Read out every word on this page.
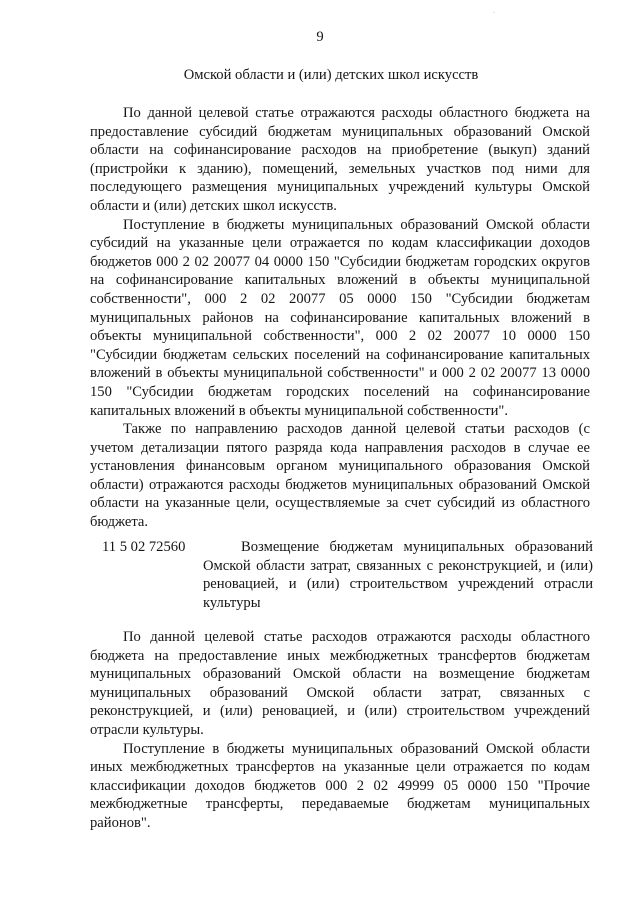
·
9
Омской области и (или) детских школ искусств

По данной целевой статье отражаются расходы областного бюджета на предоставление субсидий бюджетам муниципальных образований Омской области на софинансирование расходов на приобретение (выкуп) зданий (пристройки к зданию), помещений, земельных участков под ними для последующего размещения муниципальных учреждений культуры Омской области и (или) детских школ искусств.

Поступление в бюджеты муниципальных образований Омской области субсидий на указанные цели отражается по кодам классификации доходов бюджетов 000 2 02 20077 04 0000 150 "Субсидии бюджетам городских округов на софинансирование капитальных вложений в объекты муниципальной собственности", 000 2 02 20077 05 0000 150 "Субсидии бюджетам муниципальных районов на софинансирование капитальных вложений в объекты муниципальной собственности", 000 2 02 20077 10 0000 150 "Субсидии бюджетам сельских поселений на софинансирование капитальных вложений в объекты муниципальной собственности" и 000 2 02 20077 13 0000 150 "Субсидии бюджетам городских поселений на софинансирование капитальных вложений в объекты муниципальной собственности".

Также по направлению расходов данной целевой статьи расходов (с учетом детализации пятого разряда кода направления расходов в случае ее установления финансовым органом муниципального образования Омской области) отражаются расходы бюджетов муниципальных образований Омской области на указанные цели, осуществляемые за счет субсидий из областного бюджета.

11 5 02 72560	Возмещение бюджетам муниципальных образований Омской области затрат, связанных с реконструкцией, и (или) реновацией, и (или) строительством учреждений отрасли культуры

По данной целевой статье расходов отражаются расходы областного бюджета на предоставление иных межбюджетных трансфертов бюджетам муниципальных образований Омской области на возмещение бюджетам муниципальных образований Омской области затрат, связанных с реконструкцией, и (или) реновацией, и (или) строительством учреждений отрасли культуры.

Поступление в бюджеты муниципальных образований Омской области иных межбюджетных трансфертов на указанные цели отражается по кодам классификации доходов бюджетов 000 2 02 49999 05 0000 150 "Прочие межбюджетные трансферты, передаваемые бюджетам муниципальных районов".
